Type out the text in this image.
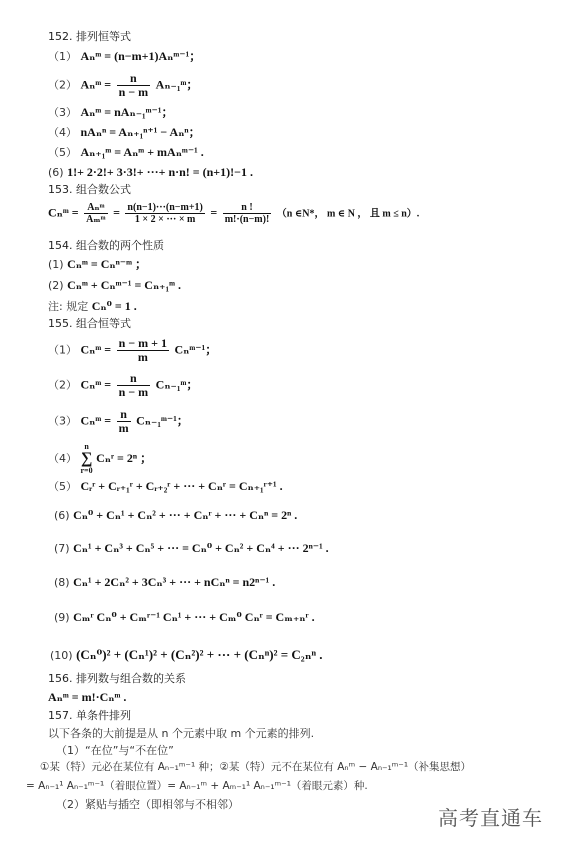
152. 排列恒等式
（1） Aₙᵐ = (n−m+1)Aₙᵐ⁻¹；
（2） Aₙᵐ = $\frac{n}{n - m}$ Aₙ₋₁ᵐ；
（3） Aₙᵐ = nAₙ₋₁ᵐ⁻¹；
（4） nAₙⁿ = Aₙ₊₁ⁿ⁺¹ − Aₙⁿ；
（5） Aₙ₊₁ᵐ = Aₙᵐ + mAₙᵐ⁻¹ .
(6) 1!+ 2·2!+ 3·3!+ ···+ n·n! = (n+1)!−1 .
153. 组合数公式
Cₙᵐ = $\frac{\text{Aₙᵐ}}{\text{Aₘᵐ}} = \frac{n(n-1)\cdot\cdot\cdot(n-m+1)}{1 \times 2 \times \cdot\cdot\cdot \times m} = \frac{n !}{m!\cdot(n-m)!} (n$ ∈N*， m ∈ N ， 且 m ≤ n）.
154. 组合数的两个性质
(1) Cₙᵐ = Cₙⁿ⁻ᵐ ；
(2) Cₙᵐ + Cₙᵐ⁻¹ = Cₙ₊₁ᵐ .
注: 规定 Cₙ⁰ = 1 .
155. 组合恒等式
（1） Cₙᵐ = $\frac{n - m + 1}{m}$ Cₙᵐ⁻¹；
（2） Cₙᵐ = $\frac{n}{n - m}$ Cₙ₋₁ᵐ；
（3） Cₙᵐ = $\frac{n}{m}$ Cₙ₋₁ᵐ⁻¹；
（4）
n
∑
r=0
Cₙʳ = 2ⁿ ；
（5） Cᵣʳ + Cᵣ₊₁ʳ + Cᵣ₊₂ʳ + ··· + Cₙʳ = Cₙ₊₁ʳ⁺¹ .
(6) Cₙ⁰ + Cₙ¹ + Cₙ² + ··· + Cₙʳ + ··· + Cₙⁿ = 2ⁿ .
(7) Cₙ¹ + Cₙ³ + Cₙ⁵ + ··· = Cₙ⁰ + Cₙ² + Cₙ⁴ + ··· 2ⁿ⁻¹ .
(8) Cₙ¹ + 2Cₙ² + 3Cₙ³ + ··· + nCₙⁿ = n2ⁿ⁻¹ .
(9) Cₘʳ Cₙ⁰ + Cₘʳ⁻¹ Cₙ¹ + ··· + Cₘ⁰ Cₙʳ = Cₘ₊ₙʳ .
(10) (Cₙ⁰)² + (Cₙ¹)² + (Cₙ²)² + ··· + (Cₙⁿ)² = C₂ₙⁿ .
156. 排列数与组合数的关系
Aₙᵐ = m!·Cₙᵐ .
157. 单条件排列
以下各条的大前提是从 n 个元素中取 m 个元素的排列.
（1）“在位”与“不在位”
①某（特）元必在某位有 Aₙ₋₁ᵐ⁻¹ 种；②某（特）元不在某位有 Aₙᵐ − Aₙ₋₁ᵐ⁻¹（补集思想）
= Aₙ₋₁¹ Aₙ₋₁ᵐ⁻¹（着眼位置）= Aₙ₋₁ᵐ + Aₘ₋₁¹ Aₙ₋₁ᵐ⁻¹（着眼元素）种.
（2）紧贴与插空（即相邻与不相邻）
高考直通车
